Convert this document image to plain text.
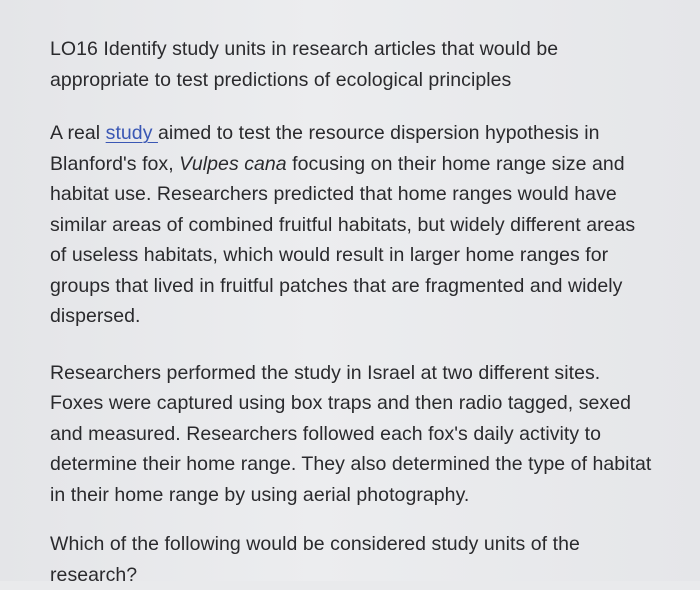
LO16 Identify study units in research articles that would be appropriate to test predictions of ecological principles

A real study aimed to test the resource dispersion hypothesis in Blanford's fox, Vulpes cana focusing on their home range size and habitat use. Researchers predicted that home ranges would have similar areas of combined fruitful habitats, but widely different areas of useless habitats, which would result in larger home ranges for groups that lived in fruitful patches that are fragmented and widely dispersed.

Researchers performed the study in Israel at two different sites. Foxes were captured using box traps and then radio tagged, sexed and measured. Researchers followed each fox's daily activity to determine their home range. They also determined the type of habitat in their home range by using aerial photography.

Which of the following would be considered study units of the research?
